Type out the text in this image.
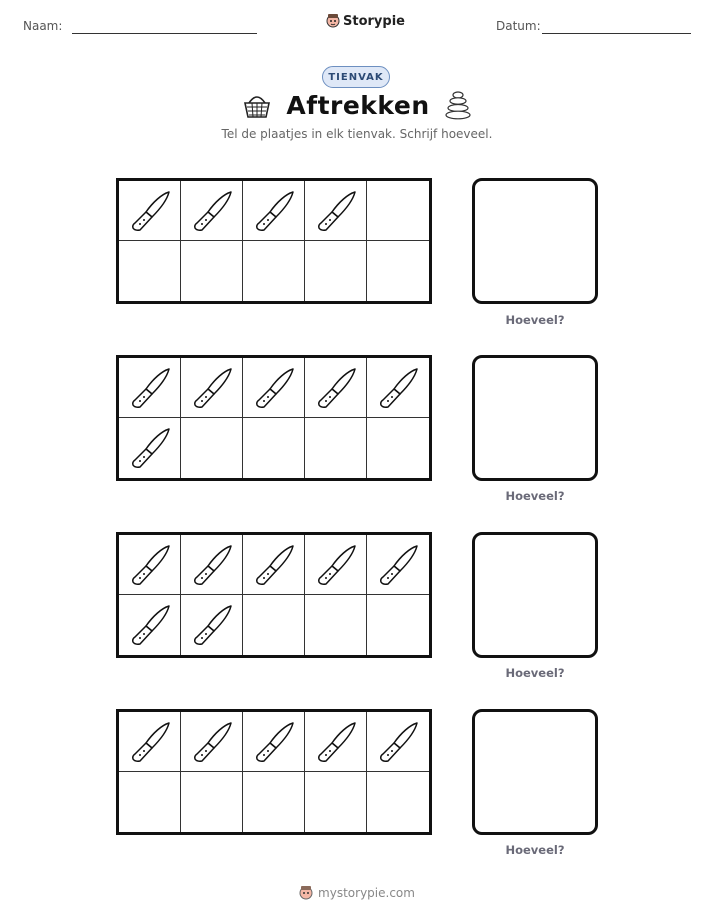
Naam:	Storypie	Datum:
TIENVAK
Aftrekken
Tel de plaatjes in elk tienvak. Schrijf hoeveel.
Hoeveel?
Hoeveel?
Hoeveel?
Hoeveel?
mystorypie.com
